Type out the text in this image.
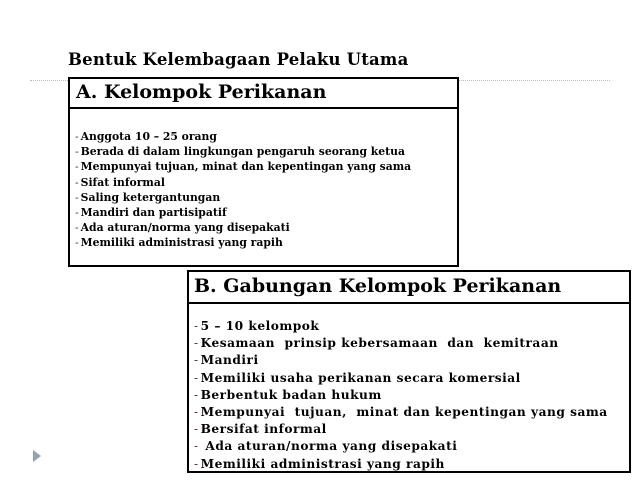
Bentuk Kelembagaan Pelaku Utama
A. Kelompok Perikanan
- Anggota 10 – 25 orang
- Berada di dalam lingkungan pengaruh seorang ketua
- Mempunyai tujuan, minat dan kepentingan yang sama
- Sifat informal
- Saling ketergantungan
- Mandiri dan partisipatif
- Ada aturan/norma yang disepakati
- Memiliki administrasi yang rapih
B. Gabungan Kelompok Perikanan
- 5 – 10 kelompok
- Kesamaan  prinsip kebersamaan  dan  kemitraan
- Mandiri
- Memiliki usaha perikanan secara komersial
- Berbentuk badan hukum
- Mempunyai  tujuan,  minat dan kepentingan yang sama
- Bersifat informal
- Ada aturan/norma yang disepakati
- Memiliki administrasi yang rapih
